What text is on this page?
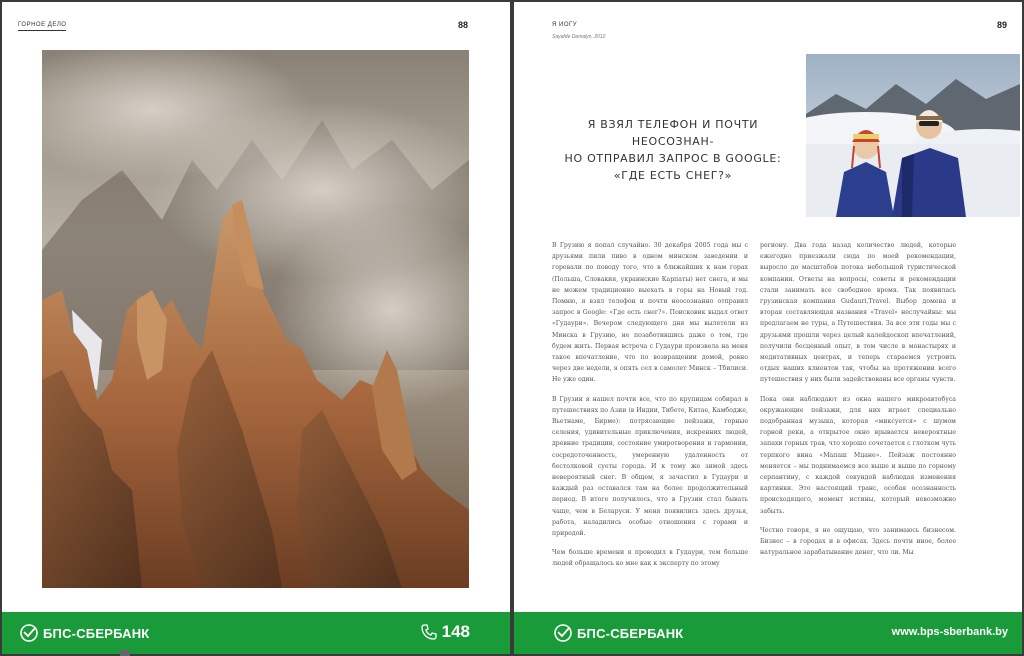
ГОРНОЕ ДЕЛО	88
БПС-СБЕРБАНК	148
Я ИОГУ
Sayafde Demalyn, 2012
89
Я ВЗЯЛ ТЕЛЕФОН И ПОЧТИ НЕОСОЗНАН-
НО ОТПРАВИЛ ЗАПРОС В GOOGLE:
«ГДЕ ЕСТЬ СНЕГ?»

В Грузию я попал случайно. 30 декабря 2005 года мы с друзьями пили пиво в одном минском заведении и горевали по поводу того, что в ближайших к нам горах (Польша, Словакия, украинские Карпаты) нет снега, и мы не можем традиционно выехать в горы на Новый год. Помню, я взял телефон и почти неосознанно отправил запрос в Google: «Где есть снег?». Поисковик выдал ответ «Гудаури». Вечером следующего дня мы вылетели из Минска в Грузию, не позаботившись даже о том, где будем жить. Первая встреча с Гудаури произвела на меня такое впечатление, что по возвращении домой, ровно через две недели, я опять сел в самолет Минск – Тбилиси. Не уже один.

В Грузии я нашел почти все, что по крупицам собирал в путешествиях по Азии (в Индии, Тибете, Китае, Камбодже, Вьетнаме, Бирме): потрясающие пейзажи, горные селения, удивительные приключения, искренних людей, древние традиции, состояние умиротворения и гармонии, сосредоточенность, умеренную удаленность от бестолковой суеты города. И к тому же зимой здесь невероятный снег. В общем, я зачастил в Гудаури и каждый раз оставался там на более продолжительный период. В итоге получилось, что в Грузии стал бывать чаще, чем в Беларуси. У меня появились здесь друзья, работа, наладились особые отношения с горами и природой.

Чем больше времени я проводил в Гудаури, тем больше людей обращалось ко мне как к эксперту по этому

региону. Два года назад количество людей, которые ежегодно приезжали сюда по моей рекомендации, выросло до масштабов потока небольшой туристической компании. Ответы на вопросы, советы и рекомендации стали занимать все свободное время. Так появилась грузинская компания Gudauri.Travel. Выбор домена и вторая составляющая названия «Travel» неслучайны: мы предлагаем не туры, а Путешествия. За все эти годы мы с друзьями прошли через целый калейдоскоп впечатлений, получили бесценный опыт, в том числе в монастырях и медитативных центрах, и теперь стараемся устроить отдых наших клиентов так, чтобы на протяжении всего путешествия у них были задействованы все органы чувств.

Пока они наблюдают из окна нашего микроавтобуса окружающие пейзажи, для них играет специально подобранная музыка, которая «миксуется» с шумом горной реки, а открытое окно врывается невероятные запахи горных трав, что хорошо сочетается с глотком чуть терпкого вина «Мапаш Мцане». Пейзаж постоянно меняется – мы поднимаемся все выше и выше по горному серпантину, с каждой секундой наблюдая изменения картинки. Это настоящий транс, особая осознанность происходящего, момент истины, который невозможно забыть.

Честно говоря, я не ощущаю, что занимаюсь бизнесом. Бизнес – в городах и в офисах. Здесь почти иное, более натуральное зарабатывание денег, что ли. Мы

БПС-СБЕРБАНК	www.bps-sberbank.by
